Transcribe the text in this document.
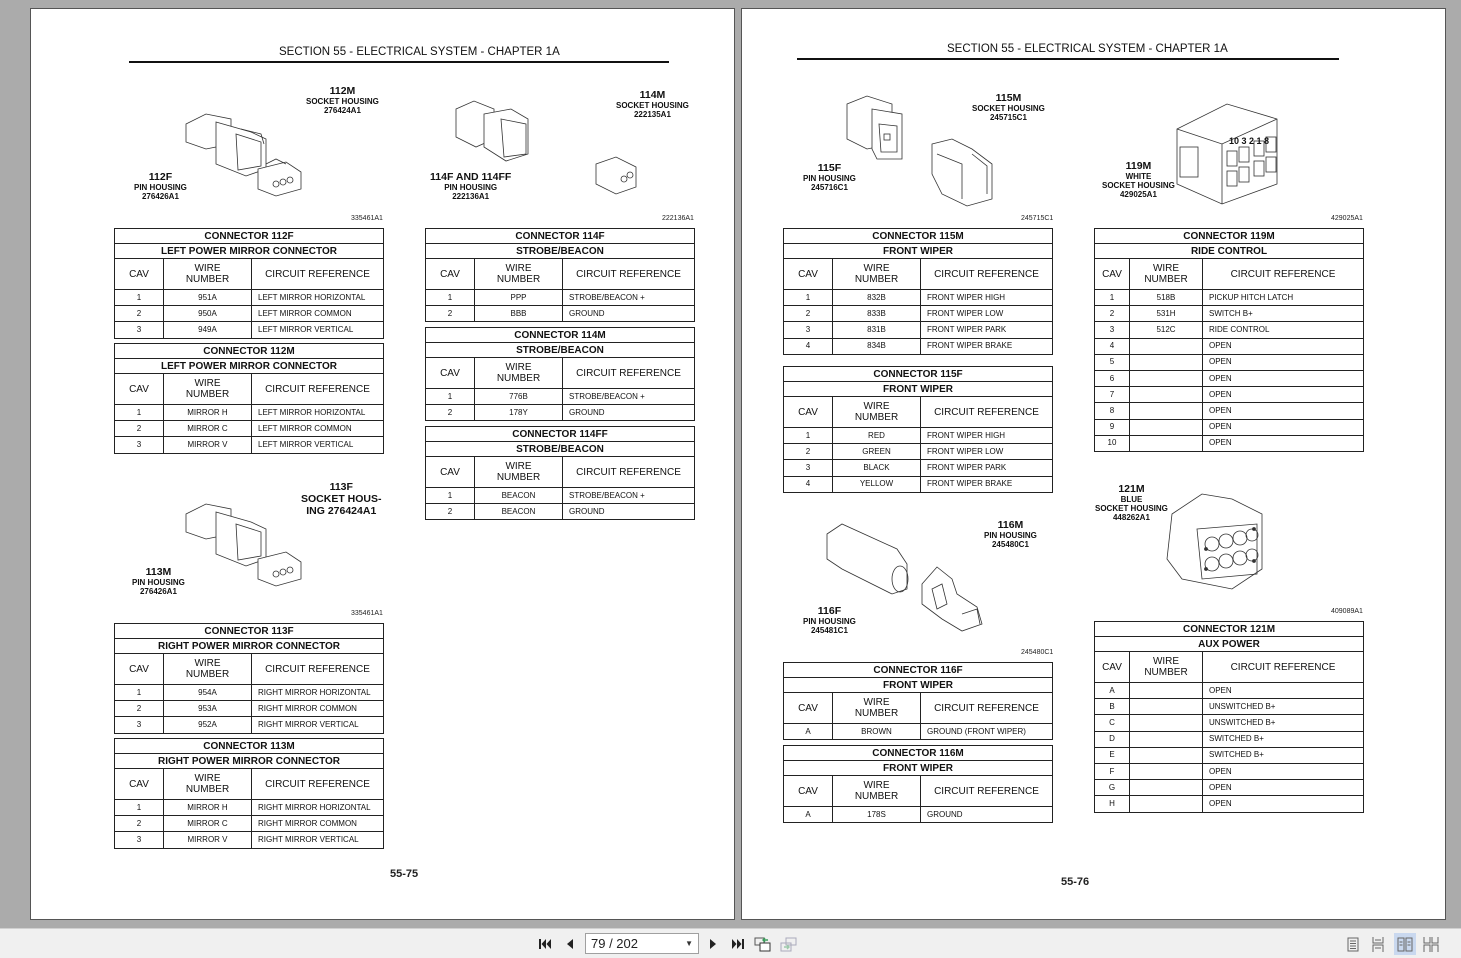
SECTION 55 - ELECTRICAL SYSTEM - CHAPTER 1A
112M
SOCKET HOUSING
276424A1
112F
PIN HOUSING
276426A1
335461A1
114M
SOCKET HOUSING
222135A1
114F AND 114FF
PIN HOUSING
222136A1
222136A1
CONNECTOR 112F		
LEFT POWER MIRROR CONNECTOR		
CAV	WIRE
NUMBER	CIRCUIT REFERENCE
1	951A	LEFT MIRROR HORIZONTAL
2	950A	LEFT MIRROR COMMON
3	949A	LEFT MIRROR VERTICAL
CONNECTOR 112M		
LEFT POWER MIRROR CONNECTOR		
CAV	WIRE
NUMBER	CIRCUIT REFERENCE
1	MIRROR H	LEFT MIRROR HORIZONTAL
2	MIRROR C	LEFT MIRROR COMMON
3	MIRROR V	LEFT MIRROR VERTICAL
CONNECTOR 114F		
STROBE/BEACON		
CAV	WIRE
NUMBER	CIRCUIT REFERENCE
1	PPP	STROBE/BEACON +
2	BBB	GROUND
CONNECTOR 114M		
STROBE/BEACON		
CAV	WIRE
NUMBER	CIRCUIT REFERENCE
1	776B	STROBE/BEACON +
2	178Y	GROUND
CONNECTOR 114FF		
STROBE/BEACON		
CAV	WIRE
NUMBER	CIRCUIT REFERENCE
1	BEACON	STROBE/BEACON +
2	BEACON	GROUND
113F
SOCKET HOUS-
ING 276424A1
113M
PIN HOUSING
276426A1
335461A1
CONNECTOR 113F		
RIGHT POWER MIRROR CONNECTOR		
CAV	WIRE
NUMBER	CIRCUIT REFERENCE
1	954A	RIGHT MIRROR HORIZONTAL
2	953A	RIGHT MIRROR COMMON
3	952A	RIGHT MIRROR VERTICAL
CONNECTOR 113M		
RIGHT POWER MIRROR CONNECTOR		
CAV	WIRE
NUMBER	CIRCUIT REFERENCE
1	MIRROR H	RIGHT MIRROR HORIZONTAL
2	MIRROR C	RIGHT MIRROR COMMON
3	MIRROR V	RIGHT MIRROR VERTICAL
55-75
SECTION 55 - ELECTRICAL SYSTEM - CHAPTER 1A
115M
SOCKET HOUSING
245715C1
115F
PIN HOUSING
245716C1
245715C1
10 3 2 1 8
119M
WHITE
SOCKET HOUSING
429025A1
429025A1
CONNECTOR 115M		
FRONT WIPER		
CAV	WIRE
NUMBER	CIRCUIT REFERENCE
1	832B	FRONT WIPER HIGH
2	833B	FRONT WIPER LOW
3	831B	FRONT WIPER PARK
4	834B	FRONT WIPER BRAKE
CONNECTOR 115F		
FRONT WIPER		
CAV	WIRE
NUMBER	CIRCUIT REFERENCE
1	RED	FRONT WIPER HIGH
2	GREEN	FRONT WIPER LOW
3	BLACK	FRONT WIPER PARK
4	YELLOW	FRONT WIPER BRAKE
CONNECTOR 119M		
RIDE CONTROL		
CAV	WIRE
NUMBER	CIRCUIT REFERENCE
1	518B	PICKUP HITCH LATCH
2	531H	SWITCH B+
3	512C	RIDE CONTROL
4		OPEN
5		OPEN
6		OPEN
7		OPEN
8		OPEN
9		OPEN
10		OPEN
116M
PIN HOUSING
245480C1
116F
PIN HOUSING
245481C1
245480C1
CONNECTOR 116F		
FRONT WIPER		
CAV	WIRE
NUMBER	CIRCUIT REFERENCE
A	BROWN	GROUND (FRONT WIPER)
CONNECTOR 116M		
FRONT WIPER		
CAV	WIRE
NUMBER	CIRCUIT REFERENCE
A	178S	GROUND
121M
BLUE
SOCKET HOUSING
448262A1
409089A1
CONNECTOR 121M		
AUX POWER		
CAV	WIRE
NUMBER	CIRCUIT REFERENCE
A		OPEN
B		UNSWITCHED B+
C		UNSWITCHED B+
D		SWITCHED B+
E		SWITCHED B+
F		OPEN
G		OPEN
H		OPEN
55-76
79 / 202	▼
